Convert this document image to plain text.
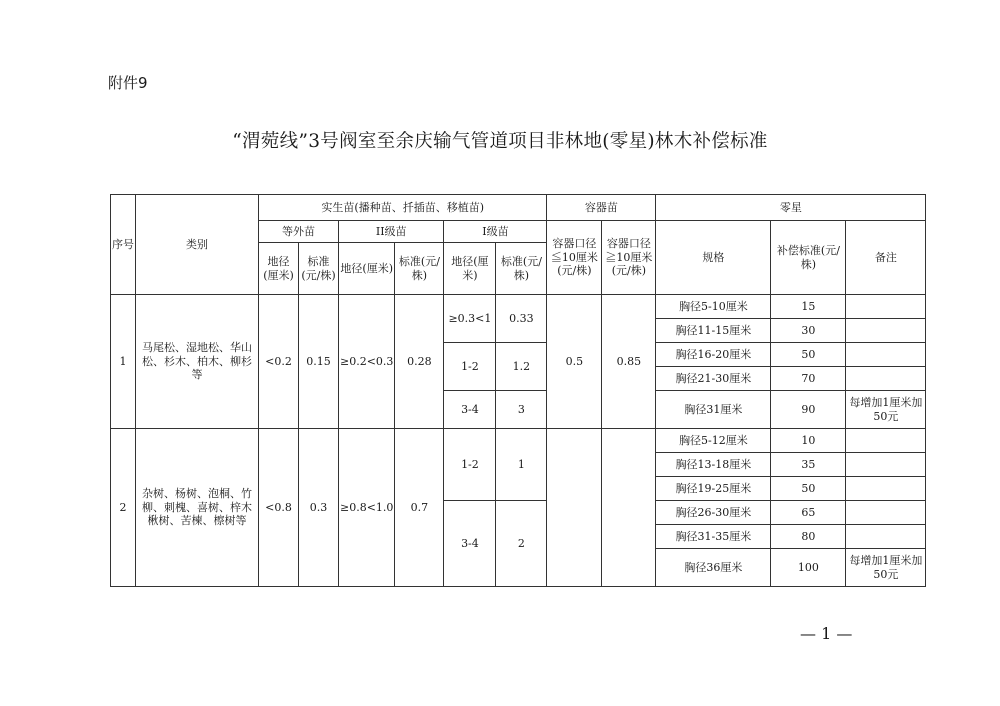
附件9
“渭菀线”3号阀室至余庆输气管道项目非林地(零星)林木补偿标准
序号	类别	实生苗(播种苗、扦插苗、移植苗)						容器苗		零星		
		等外苗		II级苗		I级苗		容器口径≦10厘米(元/株)	容器口径≧10厘米(元/株)	规格	补偿标准(元/株)	备注
		地径(厘米)	标准(元/株)	地径(厘米)	标准(元/株)	地径(厘米)	标准(元/株)					
1	马尾松、湿地松、华山松、杉木、柏木、柳杉等	<0.2	0.15	≥0.2<0.3	0.28	≥0.3<1	0.33	0.5	0.85	胸径5-10厘米	15	
										胸径11-15厘米	30	
						1-2	1.2			胸径16-20厘米	50	
										胸径21-30厘米	70	
						3-4	3			胸径31厘米	90	每增加1厘米加50元
2	杂树、杨树、泡桐、竹柳、刺槐、喜树、梓木楸树、苦楝、檫树等	<0.8	0.3	≥0.8<1.0	0.7	1-2	1			胸径5-12厘米	10	
										胸径13-18厘米	35	
										胸径19-25厘米	50	
						3-4	2			胸径26-30厘米	65	
										胸径31-35厘米	80	
										胸径36厘米	100	每增加1厘米加50元
— 1 —
